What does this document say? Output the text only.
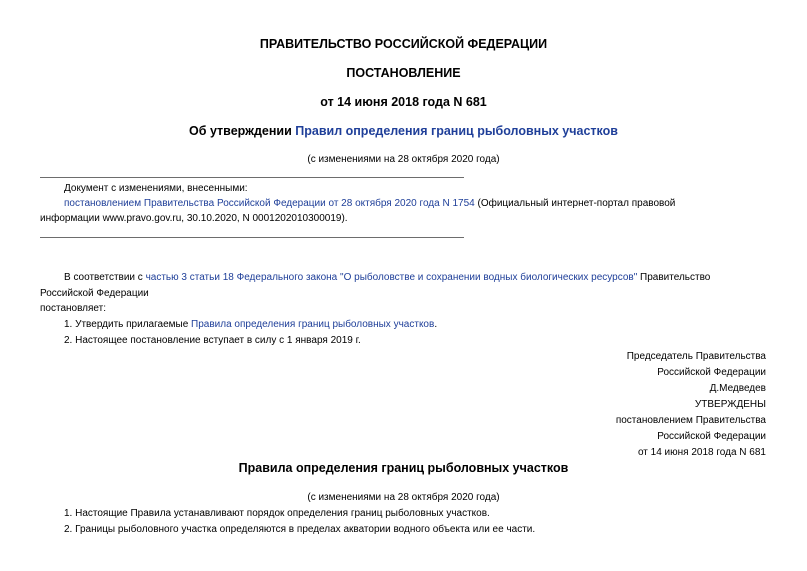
ПРАВИТЕЛЬСТВО РОССИЙСКОЙ ФЕДЕРАЦИИ
ПОСТАНОВЛЕНИЕ
от 14 июня 2018 года N 681
Об утверждении Правил определения границ рыболовных участков
(с изменениями на 28 октября 2020 года)
Документ с изменениями, внесенными:
постановлением Правительства Российской Федерации от 28 октября 2020 года N 1754 (Официальный интернет-портал правовой
информации www.pravo.gov.ru, 30.10.2020, N 0001202010300019).
В соответствии с частью 3 статьи 18 Федерального закона "О рыболовстве и сохранении водных биологических ресурсов" Правительство
Российской Федерации
постановляет:
1. Утвердить прилагаемые Правила определения границ рыболовных участков.
2. Настоящее постановление вступает в силу с 1 января 2019 г.
Председатель Правительства
Российской Федерации
Д.Медведев
УТВЕРЖДЕНЫ
постановлением Правительства
Российской Федерации
от 14 июня 2018 года N 681
Правила определения границ рыболовных участков
(с изменениями на 28 октября 2020 года)
1. Настоящие Правила устанавливают порядок определения границ рыболовных участков.
2. Границы рыболовного участка определяются в пределах акватории водного объекта или ее части.
